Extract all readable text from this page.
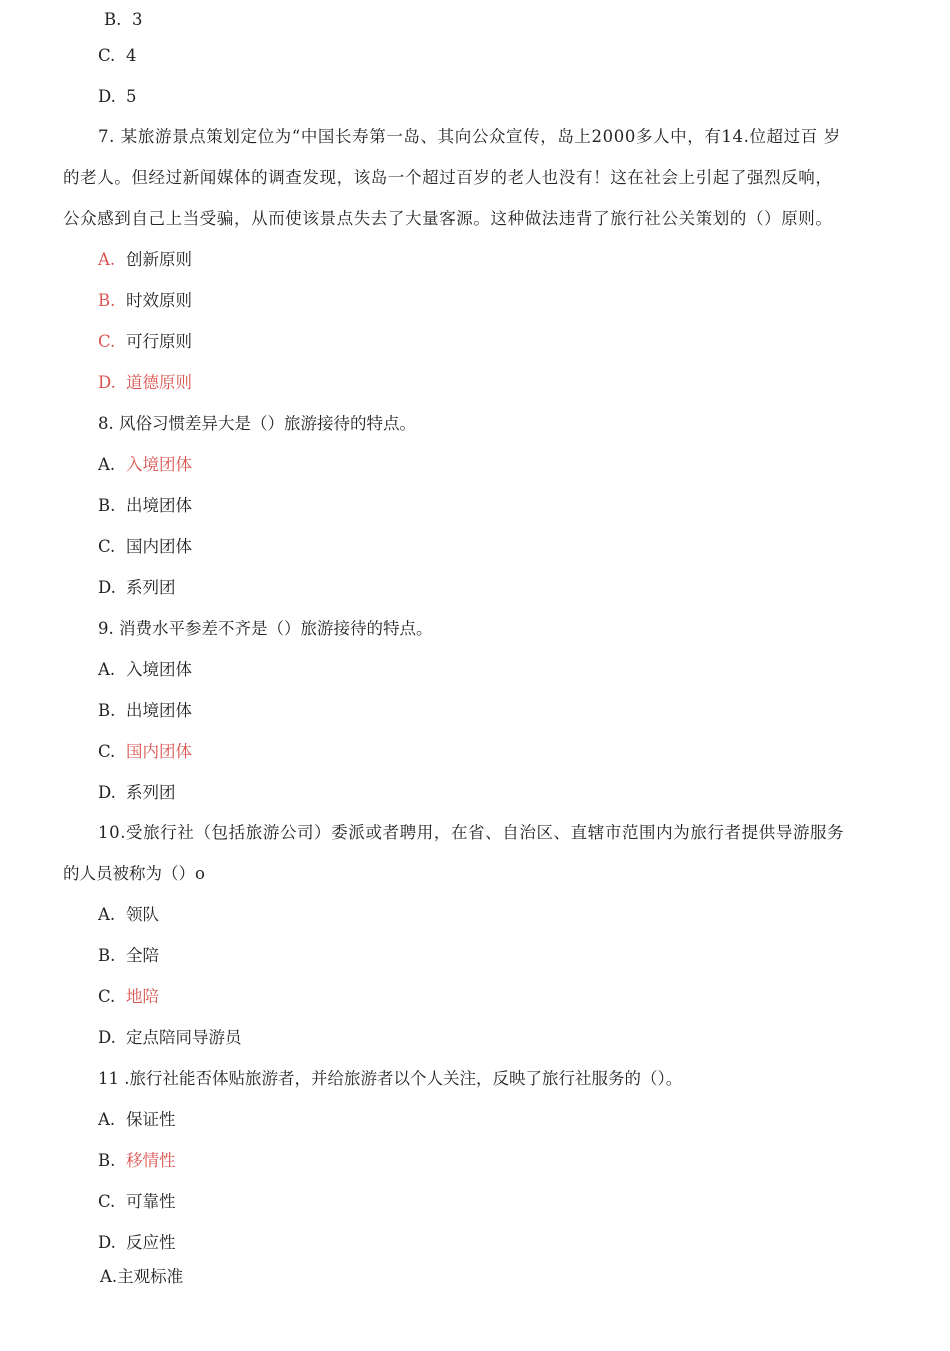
B. 3
C. 4
D. 5
7. 某旅游景点策划定位为“中国长寿第一岛、其向公众宣传，岛上2000多人中，有14.位超过百 岁
的老人。但经过新闻媒体的调查发现，该岛一个超过百岁的老人也没有！这在社会上引起了强烈反响，
公众感到自己上当受骗，从而使该景点失去了大量客源。这种做法违背了旅行社公关策划的（）原则。
A. 创新原则
B. 时效原则
C. 可行原则
D. 道德原则
8. 风俗习惯差异大是（）旅游接待的特点。
A. 入境团体
B. 出境团体
C. 国内团体
D. 系列团
9. 消费水平参差不齐是（）旅游接待的特点。
A. 入境团体
B. 出境团体
C. 国内团体
D. 系列团
10.受旅行社（包括旅游公司）委派或者聘用，在省、自治区、直辖市范围内为旅行者提供导游服务
的人员被称为（）o
A. 领队
B. 全陪
C. 地陪
D. 定点陪同导游员
11 .旅行社能否体贴旅游者，并给旅游者以个人关注，反映了旅行社服务的（）。
A. 保证性
B. 移情性
C. 可靠性
D. 反应性
A.主观标准
